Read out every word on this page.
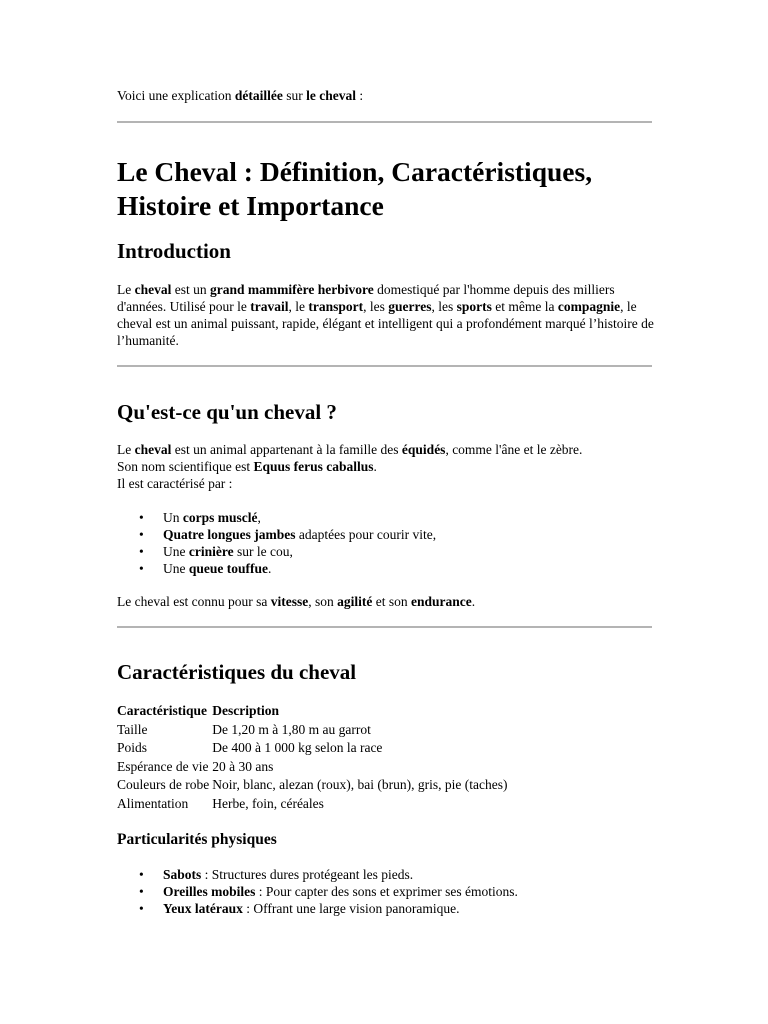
Voici une explication détaillée sur le cheval :

Le Cheval : Définition, Caractéristiques,
Histoire et Importance
Introduction

Le cheval est un grand mammifère herbivore domestiqué par l'homme depuis des milliers d'années. Utilisé pour le travail, le transport, les guerres, les sports et même la compagnie, le cheval est un animal puissant, rapide, élégant et intelligent qui a profondément marqué l’histoire de l’humanité.

Qu'est-ce qu'un cheval ?

Le cheval est un animal appartenant à la famille des équidés, comme l'âne et le zèbre.
Son nom scientifique est Equus ferus caballus.
Il est caractérisé par :

• Un corps musclé,
• Quatre longues jambes adaptées pour courir vite,
• Une crinière sur le cou,
• Une queue touffue.

Le cheval est connu pour sa vitesse, son agilité et son endurance.

Caractéristiques du cheval
Caractéristique	Description
Taille	De 1,20 m à 1,80 m au garrot
Poids	De 400 à 1 000 kg selon la race
Espérance de vie	20 à 30 ans
Couleurs de robe	Noir, blanc, alezan (roux), bai (brun), gris, pie (taches)
Alimentation	Herbe, foin, céréales
Particularités physiques
• Sabots : Structures dures protégeant les pieds.
• Oreilles mobiles : Pour capter des sons et exprimer ses émotions.
• Yeux latéraux : Offrant une large vision panoramique.
